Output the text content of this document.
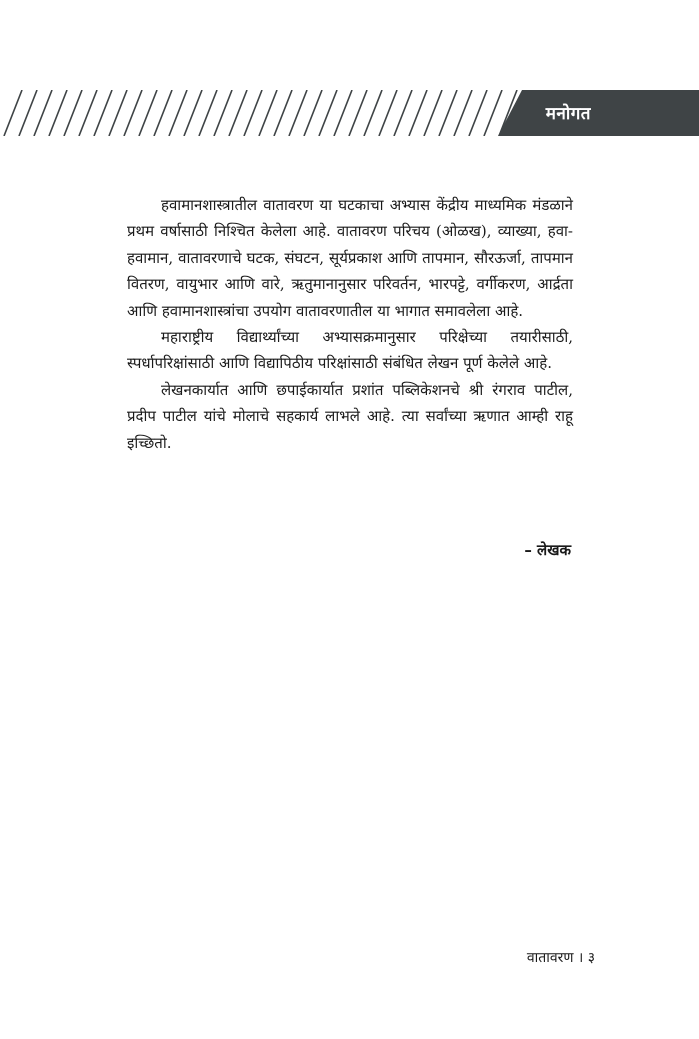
मनोगत

हवामानशास्त्रातील वातावरण या घटकाचा अभ्यास केंद्रीय माध्यमिक मंडळाने प्रथम वर्षासाठी निश्चित केलेला आहे. वातावरण परिचय (ओळख), व्याख्या, हवा-हवामान, वातावरणाचे घटक, संघटन, सूर्यप्रकाश आणि तापमान, सौरऊर्जा, तापमान वितरण, वायुभार आणि वारे, ऋतुमानानुसार परिवर्तन, भारपट्टे, वर्गीकरण, आर्द्रता आणि हवामानशास्त्रांचा उपयोग वातावरणातील या भागात समावलेला आहे.

महाराष्ट्रीय विद्यार्थ्यांच्या अभ्यासक्रमानुसार परिक्षेच्या तयारीसाठी, स्पर्धापरिक्षांसाठी आणि विद्यापिठीय परिक्षांसाठी संबंधित लेखन पूर्ण केलेले आहे.

लेखनकार्यात आणि छपाईकार्यात प्रशांत पब्लिकेशनचे श्री रंगराव पाटील, प्रदीप पाटील यांचे मोलाचे सहकार्य लाभले आहे. त्या सर्वांच्या ऋणात आम्ही राहू इच्छितो.

– लेखक
वातावरण । ३
